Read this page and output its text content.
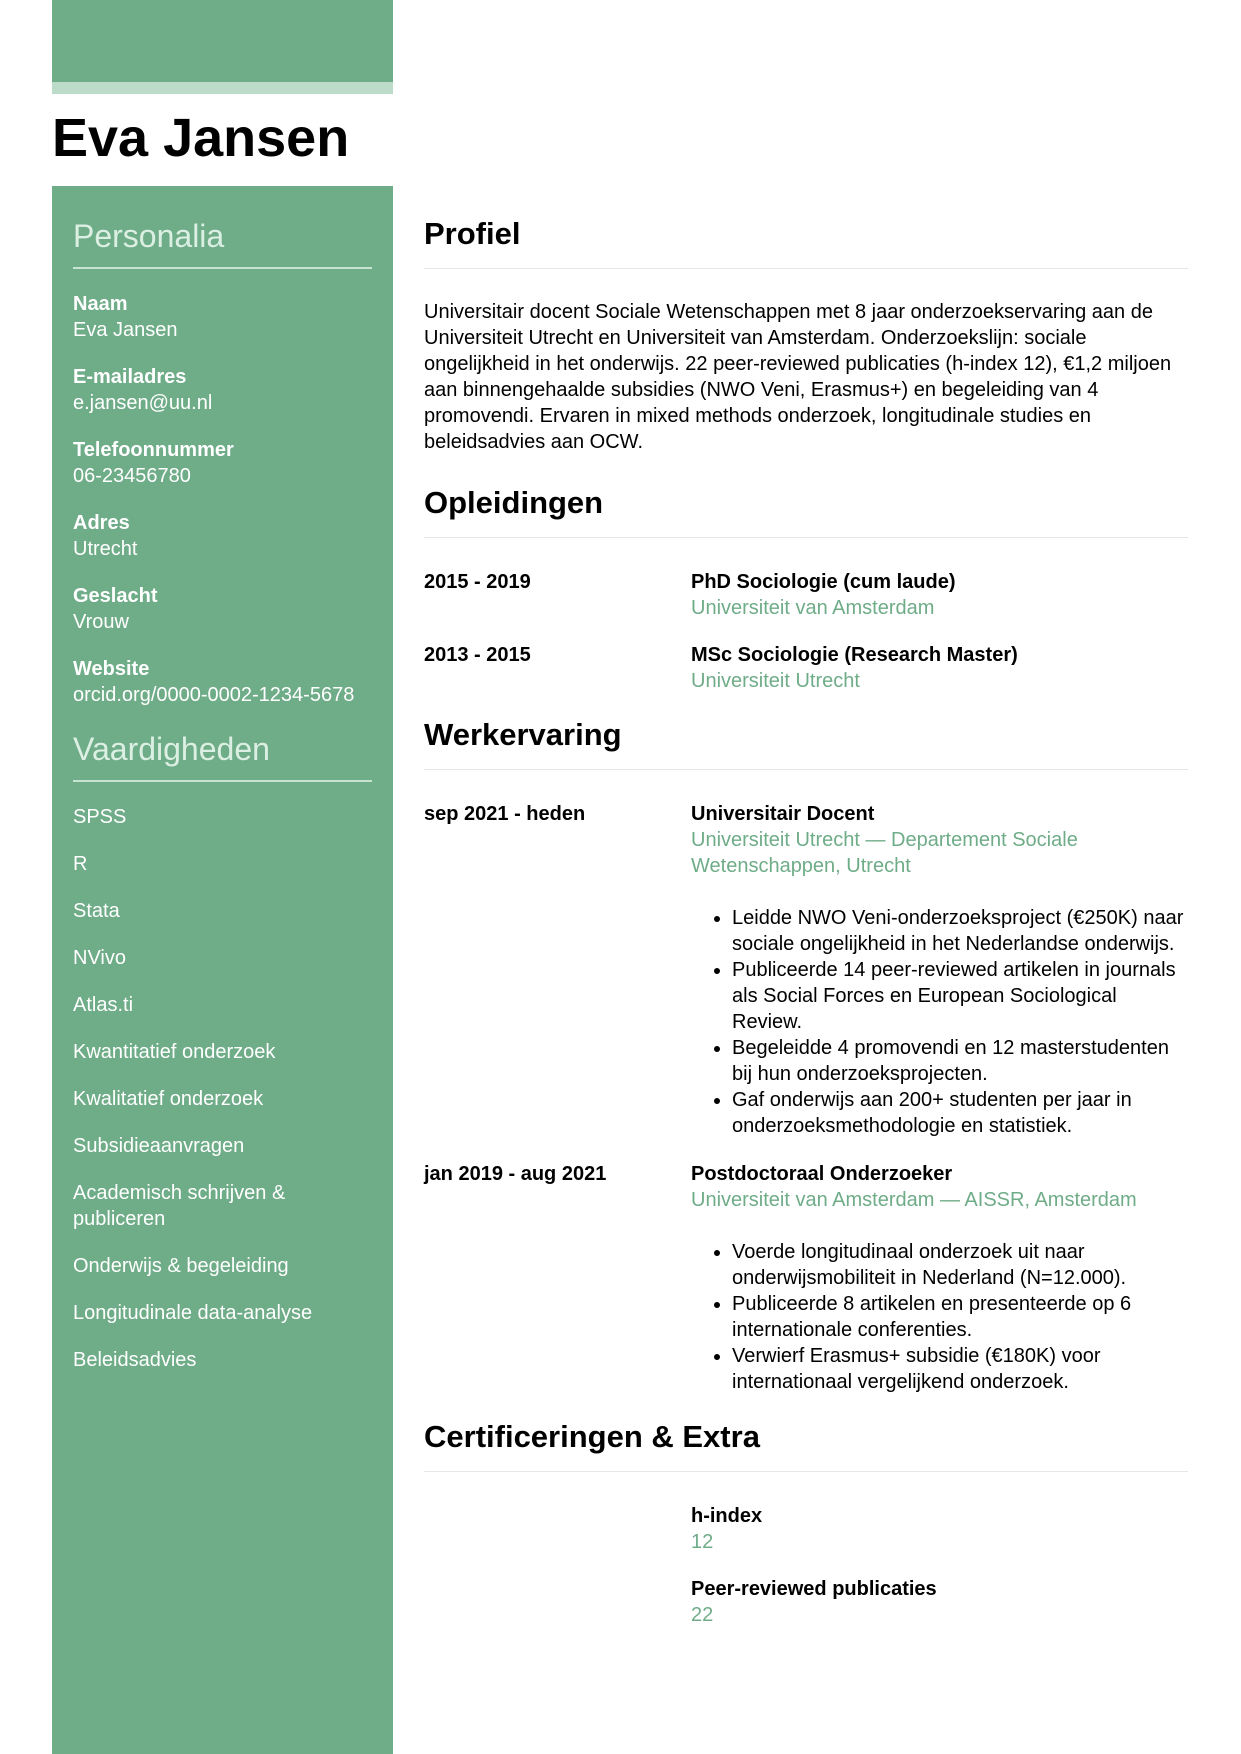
Eva Jansen
Personalia
Naam
Eva Jansen
E-mailadres
e.jansen@uu.nl
Telefoonnummer
06-23456780
Adres
Utrecht
Geslacht
Vrouw
Website
orcid.org/0000-0002-1234-5678
Vaardigheden
SPSS
R
Stata
NVivo
Atlas.ti
Kwantitatief onderzoek
Kwalitatief onderzoek
Subsidieaanvragen
Academisch schrijven & publiceren
Onderwijs & begeleiding
Longitudinale data-analyse
Beleidsadvies
Profiel
Universitair docent Sociale Wetenschappen met 8 jaar onderzoekservaring aan de Universiteit Utrecht en Universiteit van Amsterdam. Onderzoekslijn: sociale ongelijkheid in het onderwijs. 22 peer-reviewed publicaties (h-index 12), €1,2 miljoen aan binnengehaalde subsidies (NWO Veni, Erasmus+) en begeleiding van 4 promovendi. Ervaren in mixed methods onderzoek, longitudinale studies en beleidsadvies aan OCW.
Opleidingen
2015 - 2019	PhD Sociologie (cum laude)
Universiteit van Amsterdam
2013 - 2015	MSc Sociologie (Research Master)
Universiteit Utrecht
Werkervaring
sep 2021 - heden	Universitair Docent
Universiteit Utrecht — Departement Sociale Wetenschappen, Utrecht
• Leidde NWO Veni-onderzoeksproject (€250K) naar sociale ongelijkheid in het Nederlandse onderwijs.
• Publiceerde 14 peer-reviewed artikelen in journals als Social Forces en European Sociological Review.
• Begeleidde 4 promovendi en 12 masterstudenten bij hun onderzoeksprojecten.
• Gaf onderwijs aan 200+ studenten per jaar in onderzoeksmethodologie en statistiek.
jan 2019 - aug 2021	Postdoctoraal Onderzoeker
Universiteit van Amsterdam — AISSR, Amsterdam
• Voerde longitudinaal onderzoek uit naar onderwijsmobiliteit in Nederland (N=12.000).
• Publiceerde 8 artikelen en presenteerde op 6 internationale conferenties.
• Verwierf Erasmus+ subsidie (€180K) voor internationaal vergelijkend onderzoek.
Certificeringen & Extra
h-index
12
Peer-reviewed publicaties
22
